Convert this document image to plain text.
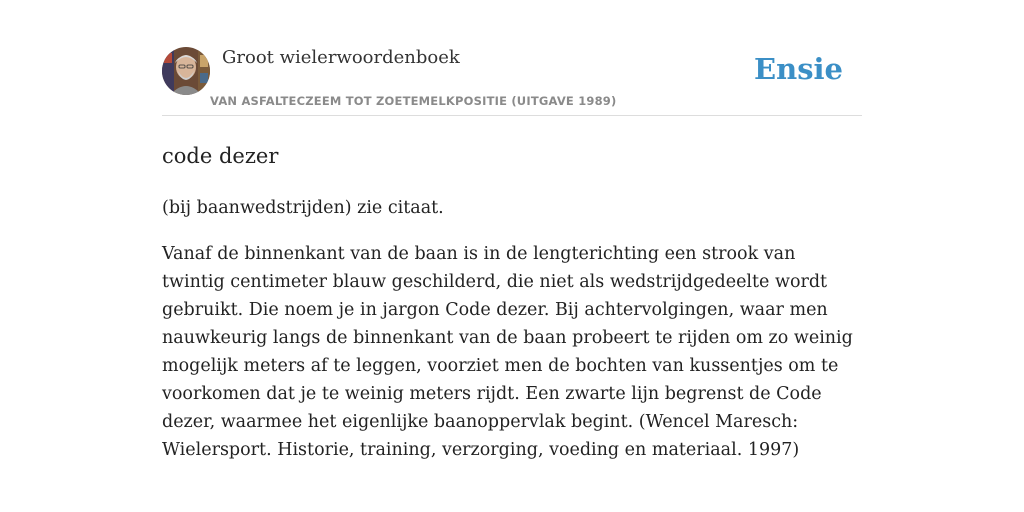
Groot wielerwoordenboek
VAN ASFALTECZEEM TOT ZOETEMELKPOSITIE (UITGAVE 1989)
Ensie
code dezer

(bij baanwedstrijden) zie citaat.

Vanaf de binnenkant van de baan is in de lengterichting een strook van twintig centimeter blauw geschilderd, die niet als wedstrijdgedeelte wordt gebruikt. Die noem je in jargon Code dezer. Bij achtervolgingen, waar men nauwkeurig langs de binnenkant van de baan probeert te rijden om zo weinig mogelijk meters af te leggen, voorziet men de bochten van kussentjes om te voorkomen dat je te weinig meters rijdt. Een zwarte lijn begrenst de Code dezer, waarmee het eigenlijke baanoppervlak begint. (Wencel Maresch: Wielersport. Historie, training, verzorging, voeding en materiaal. 1997)
